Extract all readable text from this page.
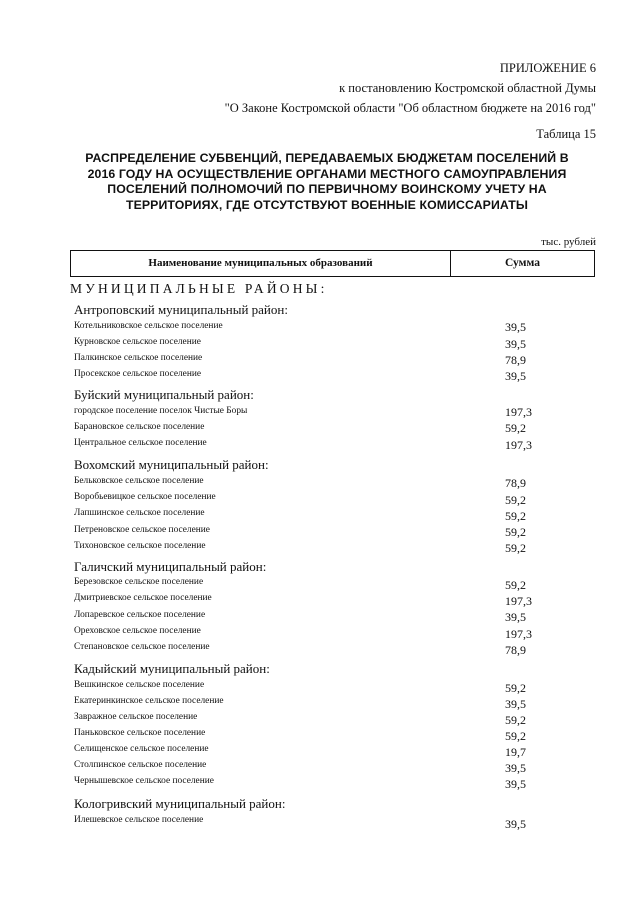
ПРИЛОЖЕНИЕ 6
к постановлению Костромской областной Думы
"О Законе Костромской области "Об областном бюджете на 2016 год"
Таблица 15
РАСПРЕДЕЛЕНИЕ СУБВЕНЦИЙ, ПЕРЕДАВАЕМЫХ БЮДЖЕТАМ ПОСЕЛЕНИЙ В
2016 ГОДУ НА ОСУЩЕСТВЛЕНИЕ ОРГАНАМИ МЕСТНОГО САМОУПРАВЛЕНИЯ
ПОСЕЛЕНИЙ ПОЛНОМОЧИЙ ПО ПЕРВИЧНОМУ ВОИНСКОМУ УЧЕТУ НА
ТЕРРИТОРИЯХ, ГДЕ ОТСУТСТВУЮТ ВОЕННЫЕ КОМИССАРИАТЫ
тыс. рублей
Наименование муниципальных образований	Сумма
МУНИЦИПАЛЬНЫЕ РАЙОНЫ:
Антроповский муниципальный район:
Котельниковское сельское поселение	39,5
Курновское сельское поселение	39,5
Палкинское сельское поселение	78,9
Просекское сельское поселение	39,5
Буйский муниципальный район:
городское поселение поселок Чистые Боры	197,3
Барановское сельское поселение	59,2
Центральное сельское поселение	197,3
Вохомский муниципальный район:
Бельковское сельское поселение	78,9
Воробьевицкое сельское поселение	59,2
Лапшинское сельское поселение	59,2
Петреновское сельское поселение	59,2
Тихоновское сельское поселение	59,2
Галичский муниципальный район:
Березовское сельское поселение	59,2
Дмитриевское сельское поселение	197,3
Лопаревское сельское поселение	39,5
Ореховское сельское поселение	197,3
Степановское сельское поселение	78,9
Кадыйский муниципальный район:
Вешкинское сельское поселение	59,2
Екатеринкинское сельское поселение	39,5
Завражное сельское поселение	59,2
Паньковское сельское поселение	59,2
Селищенское сельское поселение	19,7
Столпинское сельское поселение	39,5
Чернышевское сельское поселение	39,5
Кологривский муниципальный район:
Илешевское сельское поселение	39,5
